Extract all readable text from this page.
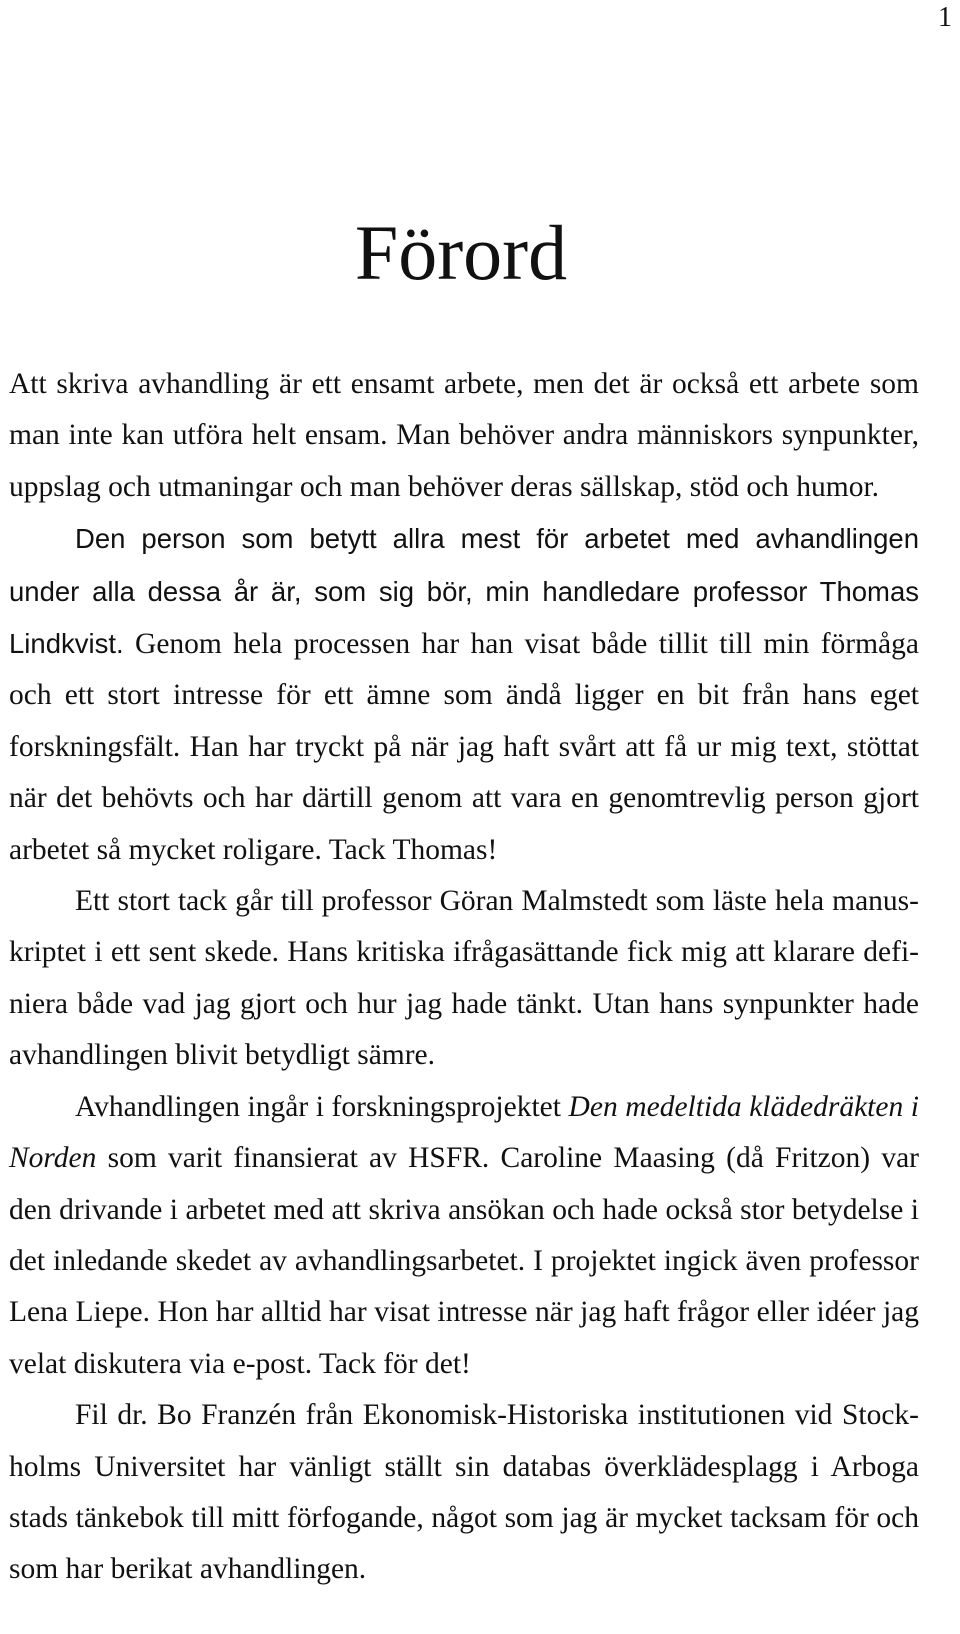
1
Förord

Att skriva avhandling är ett ensamt arbete, men det är också ett arbete som man inte kan utföra helt ensam. Man behöver andra människors synpunkter, uppslag och utmaningar och man behöver deras sällskap, stöd och humor.

Den person som betytt allra mest för arbetet med avhandlingen under alla dessa år är, som sig bör, min handledare professor Thomas Lindkvist. Genom hela processen har han visat både tillit till min förmåga och ett stort intresse för ett ämne som ändå ligger en bit från hans eget forskningsfält. Han har tryckt på när jag haft svårt att få ur mig text, stöttat när det behövts och har därtill genom att vara en genomtrevlig person gjort arbetet så mycket roligare. Tack Thomas!

Ett stort tack går till professor Göran Malmstedt som läste hela manuskriptet i ett sent skede. Hans kritiska ifrågasättande fick mig att klarare definiera både vad jag gjort och hur jag hade tänkt. Utan hans synpunkter hade avhandlingen blivit betydligt sämre.

Avhandlingen ingår i forskningsprojektet Den medeltida klädedräkten i Norden som varit finansierat av HSFR. Caroline Maasing (då Fritzon) var den drivande i arbetet med att skriva ansökan och hade också stor betydelse i det inledande skedet av avhandlingsarbetet. I projektet ingick även professor Lena Liepe. Hon har alltid har visat intresse när jag haft frågor eller idéer jag velat diskutera via e-post. Tack för det!

Fil dr. Bo Franzén från Ekonomisk-Historiska institutionen vid Stockholms Universitet har vänligt ställt sin databas överklädesplagg i Arboga stads tänkebok till mitt förfogande, något som jag är mycket tacksam för och som har berikat avhandlingen.
